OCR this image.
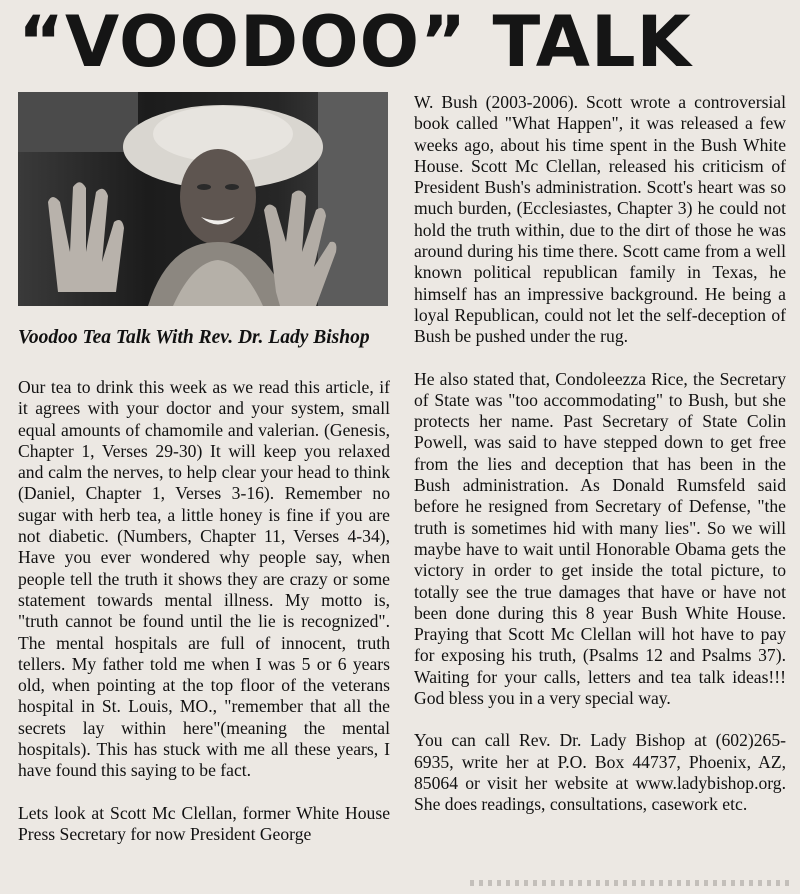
“VOODOO” TALK
Voodoo Tea Talk With Rev. Dr. Lady Bishop

Our tea to drink this week as we read this article, if it agrees with your doctor and your system, small equal amounts of chamomile and valerian. (Genesis, Chapter 1, Verses 29-30) It will keep you relaxed and calm the nerves, to help clear your head to think (Daniel, Chapter 1, Verses 3-16). Remember no sugar with herb tea, a little honey is fine if you are not diabetic. (Numbers, Chapter 11, Verses 4-34), Have you ever wondered why people say, when people tell the truth it shows they are crazy or some statement towards mental illness. My motto is, "truth cannot be found until the lie is recognized". The mental hospitals are full of innocent, truth tellers. My father told me when I was 5 or 6 years old, when pointing at the top floor of the veterans hospital in St. Louis, MO., "remember that all the secrets lay within here"(meaning the mental hospitals). This has stuck with me all these years, I have found this saying to be fact.

Lets look at Scott Mc Clellan, former White House Press Secretary for now President George

W. Bush (2003-2006). Scott wrote a controversial book called "What Happen", it was released a few weeks ago, about his time spent in the Bush White House. Scott Mc Clellan, released his criticism of President Bush's administration. Scott's heart was so much burden, (Ecclesiastes, Chapter 3) he could not hold the truth within, due to the dirt of those he was around during his time there. Scott came from a well known political republican family in Texas, he himself has an impressive background. He being a loyal Republican, could not let the self-deception of Bush be pushed under the rug.

He also stated that, Condoleezza Rice, the Secretary of State was "too accommodating" to Bush, but she protects her name. Past Secretary of State Colin Powell, was said to have stepped down to get free from the lies and deception that has been in the Bush administration. As Donald Rumsfeld said before he resigned from Secretary of Defense, "the truth is sometimes hid with many lies". So we will maybe have to wait until Honorable Obama gets the victory in order to get inside the total picture, to totally see the true damages that have or have not been done during this 8 year Bush White House. Praying that Scott Mc Clellan will hot have to pay for exposing his truth, (Psalms 12 and Psalms 37). Waiting for your calls, letters and tea talk ideas!!! God bless you in a very special way.

You can call Rev. Dr. Lady Bishop at (602)265-6935, write her at P.O. Box 44737, Phoenix, AZ, 85064 or visit her website at www.ladybishop.org. She does readings, consultations, casework etc.
